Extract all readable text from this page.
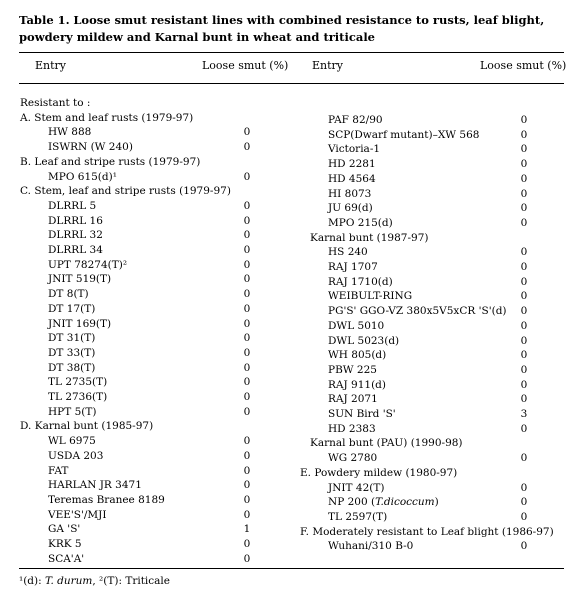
Table 1. Loose smut resistant lines with combined resistance to rusts, leaf blight, powdery mildew and Karnal bunt in wheat and triticale
Entry	Loose smut (%) Entry	Loose smut (%)
Resistant to :
A. Stem and leaf rusts (1979-97)
HW 888	0
ISWRN (W 240)	0
B. Leaf and stripe rusts (1979-97)
MPO 615(d)¹	0
C. Stem, leaf and stripe rusts (1979-97)
DLRRL 5	0
DLRRL 16	0
DLRRL 32	0
DLRRL 34	0
UPT 78274(T)²	0
JNIT 519(T)	0
DT 8(T)	0
DT 17(T)	0
JNIT 169(T)	0
DT 31(T)	0
DT 33(T)	0
DT 38(T)	0
TL 2735(T)	0
TL 2736(T)	0
HPT 5(T)	0
D. Karnal bunt (1985-97)
WL 6975	0
USDA 203	0
FAT	0
HARLAN JR 3471	0
Teremas Branee 8189	0
VEE'S'/MJI	0
GA 'S'	1
KRK 5	0
SCA'A'	0
PAF 82/90	0
SCP(Dwarf mutant)–XW 568	0
Victoria-1	0
HD 2281	0
HD 4564	0
HI 8073	0
JU 69(d)	0
MPO 215(d)	0
Karnal bunt (1987-97)
HS 240	0
RAJ 1707	0
RAJ 1710(d)	0
WEIBULT-RING	0
PG'S' GGO-VZ 380x5V5xCR 'S'(d)	0
DWL 5010	0
DWL 5023(d)	0
WH 805(d)	0
PBW 225	0
RAJ 911(d)	0
RAJ 2071	0
SUN Bird 'S'	3
HD 2383	0
Karnal bunt (PAU) (1990-98)
WG 2780	0
E. Powdery mildew (1980-97)
JNIT 42(T)	0
NP 200 (T.dicoccum)	0
TL 2597(T)	0
F. Moderately resistant to Leaf blight (1986-97)
Wuhani/310 B-0	0
¹(d): T. durum, ²(T): Triticale
